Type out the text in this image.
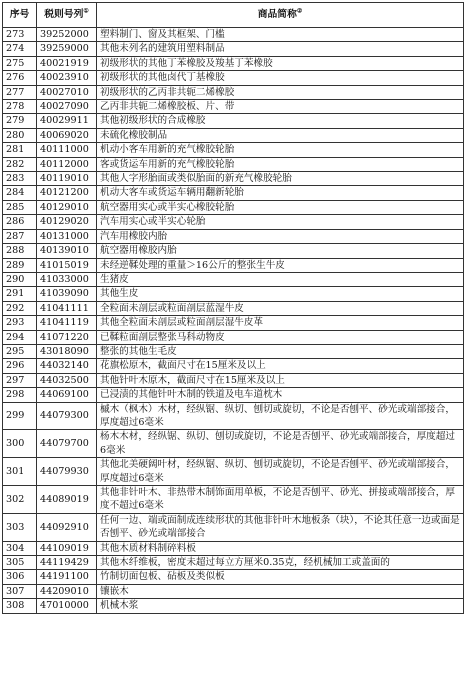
序号	税则号列①	商品简称②
273	39252000	塑料制门、窗及其框架、门槛
274	39259000	其他未列名的建筑用塑料制品
275	40021919	初级形状的其他丁苯橡胶及羧基丁苯橡胶
276	40023910	初级形状的其他卤代丁基橡胶
277	40027010	初级形状的乙丙非共轭二烯橡胶
278	40027090	乙丙非共轭二烯橡胶板、片、带
279	40029911	其他初级形状的合成橡胶
280	40069020	未硫化橡胶制品
281	40111000	机动小客车用新的充气橡胶轮胎
282	40112000	客或货运车用新的充气橡胶轮胎
283	40119010	其他人字形胎面或类似胎面的新充气橡胶轮胎
284	40121200	机动大客车或货运车辆用翻新轮胎
285	40129010	航空器用实心或半实心橡胶轮胎
286	40129020	汽车用实心或半实心轮胎
287	40131000	汽车用橡胶内胎
288	40139010	航空器用橡胶内胎
289	41015019	未经逆鞣处理的重量＞16公斤的整张生牛皮
290	41033000	生猪皮
291	41039090	其他生皮
292	41041111	全粒面未剖层或粒面剖层蓝湿牛皮
293	41041119	其他全粒面未剖层或粒面剖层湿牛皮革
294	41071220	已鞣粒面剖层整张马科动物皮
295	43018090	整张的其他生毛皮
296	44032140	花旗松原木，截面尺寸在15厘米及以上
297	44032500	其他针叶木原木，截面尺寸在15厘米及以上
298	44069100	已浸渍的其他针叶木制的铁道及电车道枕木
299	44079300	槭木（枫木）木材，经纵锯、纵切、刨切或旋切，不论是否刨平、砂光或端部接合，厚度超过6毫米
300	44079700	杨木木材，经纵锯、纵切、刨切或旋切，不论是否刨平、砂光或端部接合，厚度超过6毫米
301	44079930	其他北美硬阔叶材，经纵锯、纵切、刨切或旋切，不论是否刨平、砂光或端部接合，厚度超过6毫米
302	44089019	其他非针叶木、非热带木制饰面用单板，不论是否刨平、砂光、拼接或端部接合，厚度不超过6毫米
303	44092910	任何一边、端或面制成连续形状的其他非针叶木地板条（块），不论其任意一边或面是否刨平、砂光或端部接合
304	44109019	其他木质材料制碎料板
305	44119429	其他木纤维板，密度未超过每立方厘米0.35克，经机械加工或盖面的
306	44191100	竹制切面包板、砧板及类似板
307	44209010	镶嵌木
308	47010000	机械木浆
